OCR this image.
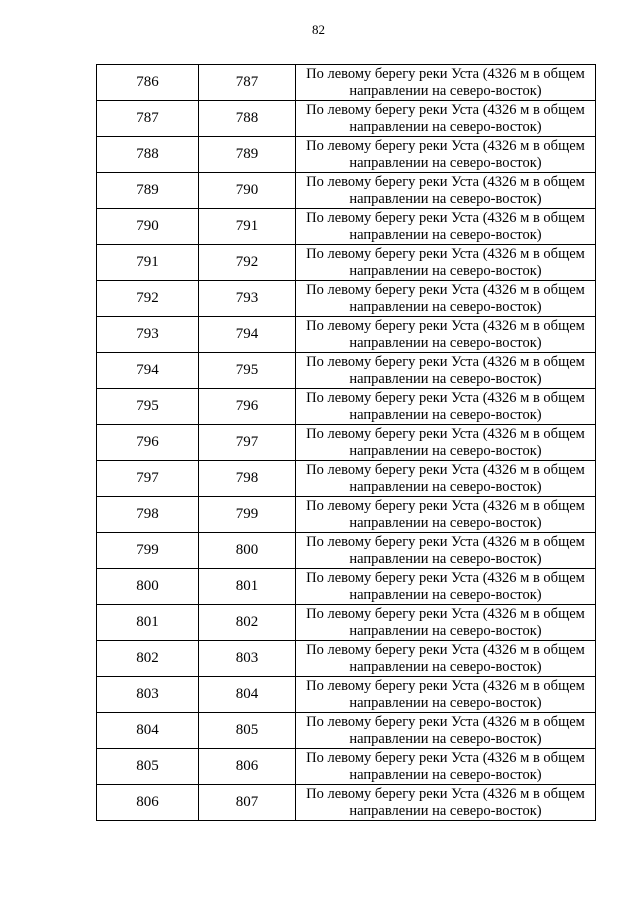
82
786	787	По левому берегу реки Уста (4326 м в общем
направлении на северо-восток)

787	788	По левому берегу реки Уста (4326 м в общем
направлении на северо-восток)

788	789	По левому берегу реки Уста (4326 м в общем
направлении на северо-восток)

789	790	По левому берегу реки Уста (4326 м в общем
направлении на северо-восток)

790	791	По левому берегу реки Уста (4326 м в общем
направлении на северо-восток)

791	792	По левому берегу реки Уста (4326 м в общем
направлении на северо-восток)

792	793	По левому берегу реки Уста (4326 м в общем
направлении на северо-восток)

793	794	По левому берегу реки Уста (4326 м в общем
направлении на северо-восток)

794	795	По левому берегу реки Уста (4326 м в общем
направлении на северо-восток)

795	796	По левому берегу реки Уста (4326 м в общем
направлении на северо-восток)

796	797	По левому берегу реки Уста (4326 м в общем
направлении на северо-восток)

797	798	По левому берегу реки Уста (4326 м в общем
направлении на северо-восток)

798	799	По левому берегу реки Уста (4326 м в общем
направлении на северо-восток)

799	800	По левому берегу реки Уста (4326 м в общем
направлении на северо-восток)

800	801	По левому берегу реки Уста (4326 м в общем
направлении на северо-восток)

801	802	По левому берегу реки Уста (4326 м в общем
направлении на северо-восток)

802	803	По левому берегу реки Уста (4326 м в общем
направлении на северо-восток)

803	804	По левому берегу реки Уста (4326 м в общем
направлении на северо-восток)

804	805	По левому берегу реки Уста (4326 м в общем
направлении на северо-восток)

805	806	По левому берегу реки Уста (4326 м в общем
направлении на северо-восток)

806	807	По левому берегу реки Уста (4326 м в общем
направлении на северо-восток)
